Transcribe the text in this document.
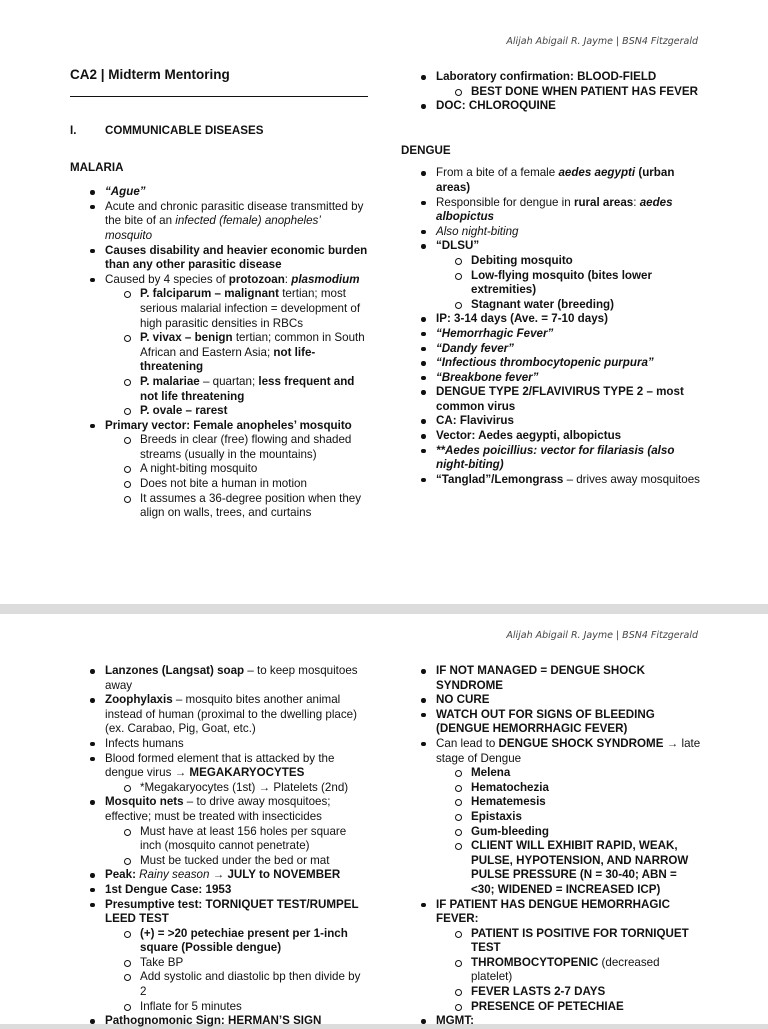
Alijah Abigail R. Jayme | BSN4 Fitzgerald
CA2 | Midterm Mentoring
I.	COMMUNICABLE DISEASES
MALARIA
“Ague”
Acute and chronic parasitic disease transmitted by the bite of an infected (female) anopheles’ mosquito
Causes disability and heavier economic burden than any other parasitic disease
Caused by 4 species of protozoan: plasmodium
P. falciparum – malignant tertian; most serious malarial infection = development of high parasitic densities in RBCs
P. vivax – benign tertian; common in South African and Eastern Asia; not life-threatening
P. malariae – quartan; less frequent and not life threatening
P. ovale – rarest
Primary vector: Female anopheles’ mosquito
Breeds in clear (free) flowing and shaded streams (usually in the mountains)
A night-biting mosquito
Does not bite a human in motion
It assumes a 36-degree position when they align on walls, trees, and curtains
Laboratory confirmation: BLOOD-FIELD
BEST DONE WHEN PATIENT HAS FEVER
DOC: CHLOROQUINE
DENGUE
From a bite of a female aedes aegypti (urban areas)
Responsible for dengue in rural areas: aedes albopictus
Also night-biting
“DLSU”
Debiting mosquito
Low-flying mosquito (bites lower extremities)
Stagnant water (breeding)
IP: 3-14 days (Ave. = 7-10 days)
“Hemorrhagic Fever”
“Dandy fever”
“Infectious thrombocytopenic purpura”
“Breakbone fever”
DENGUE TYPE 2/FLAVIVIRUS TYPE 2 – most common virus
CA: Flavivirus
Vector: Aedes aegypti, albopictus
**Aedes poicillius: vector for filariasis (also night-biting)
“Tanglad”/Lemongrass – drives away mosquitoes
Alijah Abigail R. Jayme | BSN4 Fitzgerald
Lanzones (Langsat) soap – to keep mosquitoes away
Zoophylaxis – mosquito bites another animal instead of human (proximal to the dwelling place) (ex. Carabao, Pig, Goat, etc.)
Infects humans
Blood formed element that is attacked by the dengue virus → MEGAKARYOCYTES
*Megakaryocytes (1st) → Platelets (2nd)
Mosquito nets – to drive away mosquitoes; effective; must be treated with insecticides
Must have at least 156 holes per square inch (mosquito cannot penetrate)
Must be tucked under the bed or mat
Peak: Rainy season → JULY to NOVEMBER
1st Dengue Case: 1953
Presumptive test: TORNIQUET TEST/RUMPEL LEED TEST
(+) = >20 petechiae present per 1-inch square (Possible dengue)
Take BP
Add systolic and diastolic bp then divide by 2
Inflate for 5 minutes
Pathognomonic Sign: HERMAN’S SIGN
IF NOT MANAGED = DENGUE SHOCK SYNDROME
NO CURE
WATCH OUT FOR SIGNS OF BLEEDING (DENGUE HEMORRHAGIC FEVER)
Can lead to DENGUE SHOCK SYNDROME → late stage of Dengue
Melena
Hematochezia
Hematemesis
Epistaxis
Gum-bleeding
CLIENT WILL EXHIBIT RAPID, WEAK, PULSE, HYPOTENSION, AND NARROW PULSE PRESSURE (N = 30-40; ABN = <30; WIDENED = INCREASED ICP)
IF PATIENT HAS DENGUE HEMORRHAGIC FEVER:
PATIENT IS POSITIVE FOR TORNIQUET TEST
THROMBOCYTOPENIC (decreased platelet)
FEVER LASTS 2-7 DAYS
PRESENCE OF PETECHIAE
MGMT:
